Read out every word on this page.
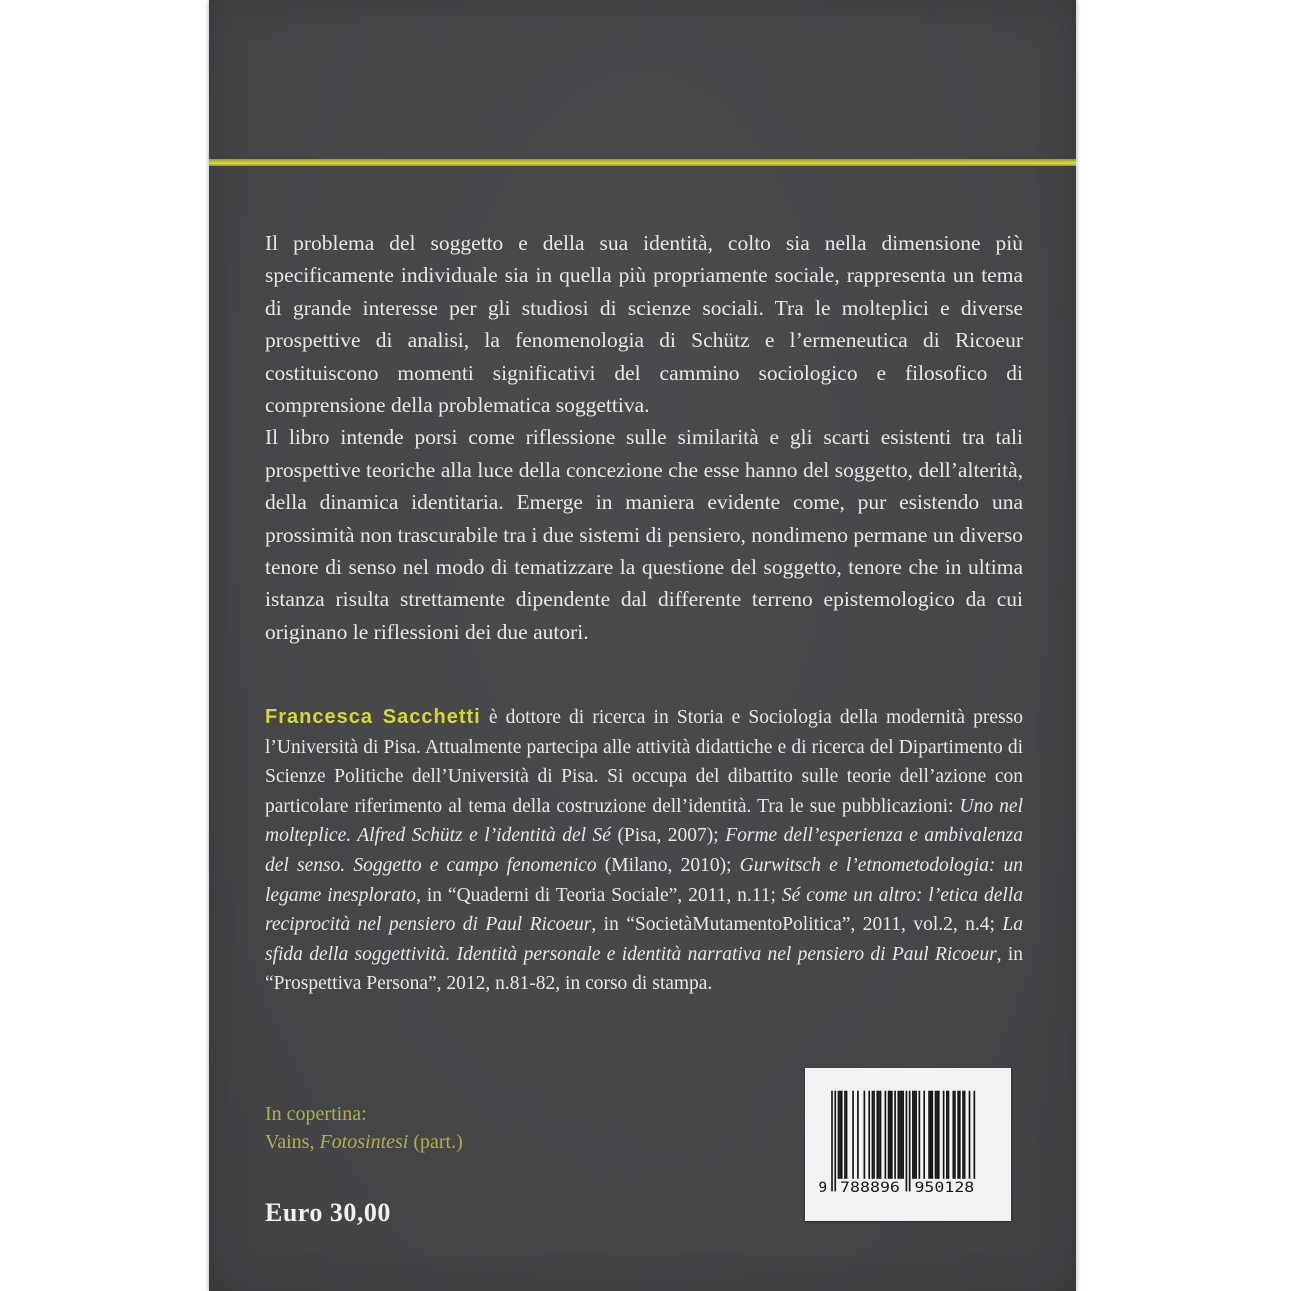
Il problema del soggetto e della sua identità, colto sia nella dimensione più specificamente individuale sia in quella più propriamente sociale, rappresenta un tema di grande interesse per gli studiosi di scienze sociali. Tra le molteplici e diverse prospettive di analisi, la fenomenologia di Schütz e l’ermeneutica di Ricoeur costituiscono momenti significativi del cammino sociologico e filosofico di comprensione della problematica soggettiva.

Il libro intende porsi come riflessione sulle similarità e gli scarti esistenti tra tali prospettive teoriche alla luce della concezione che esse hanno del soggetto, dell’alterità, della dinamica identitaria. Emerge in maniera evidente come, pur esistendo una prossimità non trascurabile tra i due sistemi di pensiero, nondimeno permane un diverso tenore di senso nel modo di tematizzare la questione del soggetto, tenore che in ultima istanza risulta strettamente dipendente dal differente terreno epistemologico da cui originano le riflessioni dei due autori.

Francesca Sacchetti è dottore di ricerca in Storia e Sociologia della modernità presso l’Università di Pisa. Attualmente partecipa alle attività didattiche e di ricerca del Dipartimento di Scienze Politiche dell’Università di Pisa. Si occupa del dibattito sulle teorie dell’azione con particolare riferimento al tema della costruzione dell’identità. Tra le sue pubblicazioni: Uno nel molteplice. Alfred Schütz e l’identità del Sé (Pisa, 2007); Forme dell’esperienza e ambivalenza del senso. Soggetto e campo fenomenico (Milano, 2010); Gurwitsch e l’etnometodologia: un legame inesplorato, in “Quaderni di Teoria Sociale”, 2011, n.11; Sé come un altro: l’etica della reciprocità nel pensiero di Paul Ricoeur, in “SocietàMutamentoPolitica”, 2011, vol.2, n.4; La sfida della soggettività. Identità personale e identità narrativa nel pensiero di Paul Ricoeur, in “Prospettiva Persona”, 2012, n.81-82, in corso di stampa.
In copertina:
Vains, Fotosintesi (part.)
Euro 30,00
9 788896 950128
